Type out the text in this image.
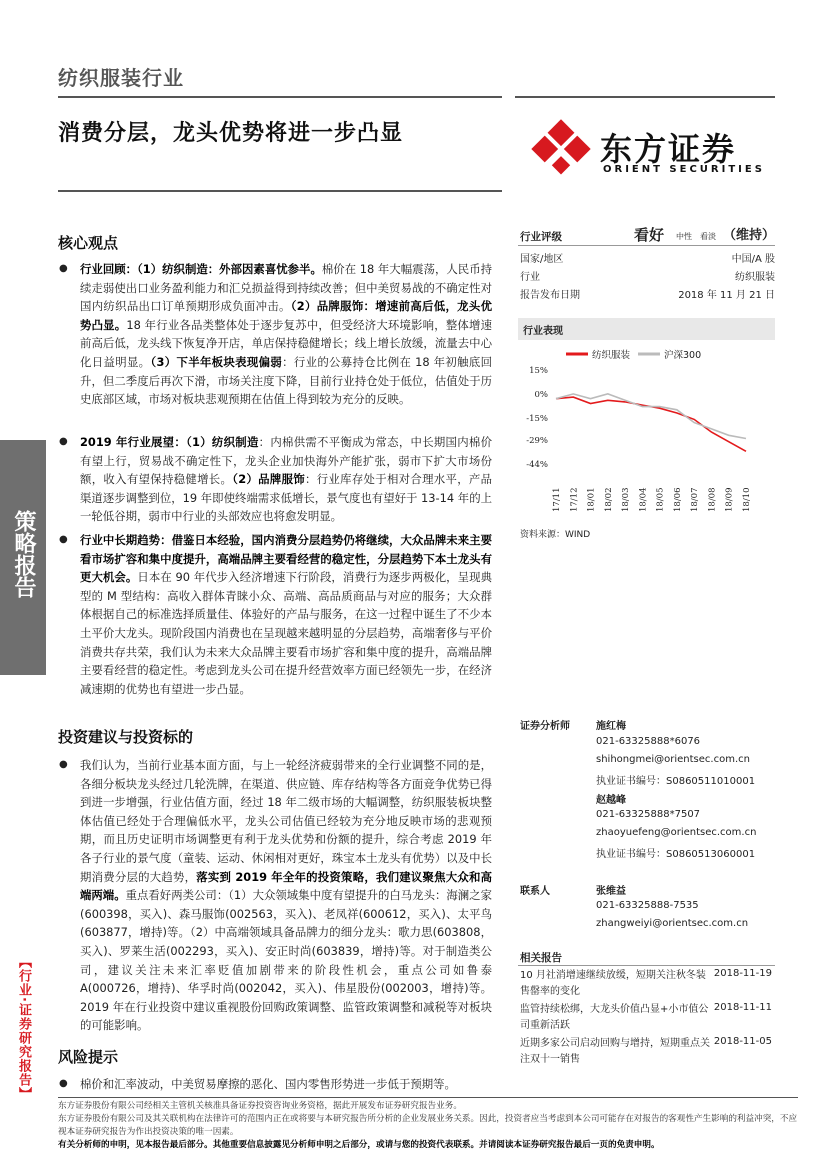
纺织服装行业
消费分层，龙头优势将进一步凸显	东方证券
ORIENT SECURITIES
策略报告
【行业·证券研究报告】
核心观点
●	行业回顾：（1）纺织制造：外部因素喜忧参半。棉价在 18 年大幅震荡，人民币持续走弱使出口业务盈利能力和汇兑损益得到持续改善；但中美贸易战的不确定性对国内纺织品出口订单预期形成负面冲击。（2）品牌服饰：增速前高后低，龙头优势凸显。18 年行业各品类整体处于逐步复苏中，但受经济大环境影响，整体增速前高后低，龙头线下恢复净开店，单店保持稳健增长；线上增长放缓，流量去中心化日益明显。（3）下半年板块表现偏弱：行业的公募持仓比例在 18 年初触底回升，但二季度后再次下滑，市场关注度下降，目前行业持仓处于低位，估值处于历史底部区域，市场对板块悲观预期在估值上得到较为充分的反映。

●	2019 年行业展望：（1）纺织制造：内棉供需不平衡成为常态，中长期国内棉价有望上行，贸易战不确定性下，龙头企业加快海外产能扩张，弱市下扩大市场份额，收入有望保持稳健增长。（2）品牌服饰：行业库存处于相对合理水平，产品渠道逐步调整到位，19 年即使终端需求低增长，景气度也有望好于 13-14 年的上一轮低谷期，弱市中行业的头部效应也将愈发明显。

●	行业中长期趋势：借鉴日本经验，国内消费分层趋势仍将继续，大众品牌未来主要看市场扩容和集中度提升，高端品牌主要看经营的稳定性，分层趋势下本土龙头有更大机会。日本在 90 年代步入经济增速下行阶段，消费行为逐步两极化，呈现典型的 M 型结构：高收入群体青睐小众、高端、高品质商品与对应的服务；大众群体根据自己的标准选择质量佳、体验好的产品与服务，在这一过程中诞生了不少本土平价大龙头。现阶段国内消费也在呈现越来越明显的分层趋势，高端奢侈与平价消费共存共荣，我们认为未来大众品牌主要看市场扩容和集中度的提升，高端品牌主要看经营的稳定性。考虑到龙头公司在提升经营效率方面已经领先一步，在经济减速期的优势也有望进一步凸显。

投资建议与投资标的
●	我们认为，当前行业基本面方面，与上一轮经济疲弱带来的全行业调整不同的是，各细分板块龙头经过几轮洗牌，在渠道、供应链、库存结构等各方面竞争优势已得到进一步增强，行业估值方面，经过 18 年二级市场的大幅调整，纺织服装板块整体估值已经处于合理偏低水平，龙头公司估值已经较为充分地反映市场的悲观预期，而且历史证明市场调整更有利于龙头优势和份额的提升，综合考虑 2019 年各子行业的景气度（童装、运动、休闲相对更好，珠宝本土龙头有优势）以及中长期消费分层的大趋势，落实到 2019 年全年的投资策略，我们建议聚焦大众和高端两端。重点看好两类公司：（1）大众领域集中度有望提升的白马龙头：海澜之家(600398，买入)、森马服饰(002563，买入)、老凤祥(600612，买入)、太平鸟(603877，增持)等。（2）中高端领域具备品牌力的细分龙头：歌力思(603808，买入)、罗莱生活(002293，买入)、安正时尚(603839，增持)等。对于制造类公司，建议关注未来汇率贬值加剧带来的阶段性机会，重点公司如鲁泰 A(000726，增持)、华孚时尚(002042，买入)、伟星股份(002003，增持)等。2019 年在行业投资中建议重视股份回购政策调整、监管政策调整和减税等对板块的可能影响。

风险提示
●	棉价和汇率波动，中美贸易摩擦的恶化、国内零售形势进一步低于预期等。

行业评级	看好 中性 看淡 （维持）
国家/地区	中国/A 股
行业	纺织服装
报告发布日期	2018 年 11 月 21 日
行业表现
纺织服装	沪深300
15%
0%
-15%
-29%
-44%
17/11 17/12 18/01 18/02 18/03 18/04 18/05 18/06 18/07 18/08 18/09 18/10
资料来源：WIND
证券分析师	施红梅
021-63325888*6076
shihongmei@orientsec.com.cn
执业证书编号：S0860511010001
赵越峰
021-63325888*7507
zhaoyuefeng@orientsec.com.cn
执业证书编号：S0860513060001
联系人	张维益
021-63325888-7535
zhangweiyi@orientsec.com.cn
相关报告
10 月社消增速继续放缓，短期关注秋冬装售罄率的变化
2018-11-19
监管持续松绑，大龙头价值凸显+小市值公司重新活跃
2018-11-11
近期多家公司启动回购与增持，短期重点关注双十一销售
2018-11-05
东方证券股份有限公司经相关主管机关核准具备证券投资咨询业务资格，据此开展发布证券研究报告业务。
东方证券股份有限公司及其关联机构在法律许可的范围内正在或将要与本研究报告所分析的企业发展业务关系。因此，投资者应当考虑到本公司可能存在对报告的客观性产生影响的利益冲突，不应视本证券研究报告为作出投资决策的唯一因素。
有关分析师的申明，见本报告最后部分。其他重要信息披露见分析师申明之后部分，或请与您的投资代表联系。并请阅读本证券研究报告最后一页的免责申明。
